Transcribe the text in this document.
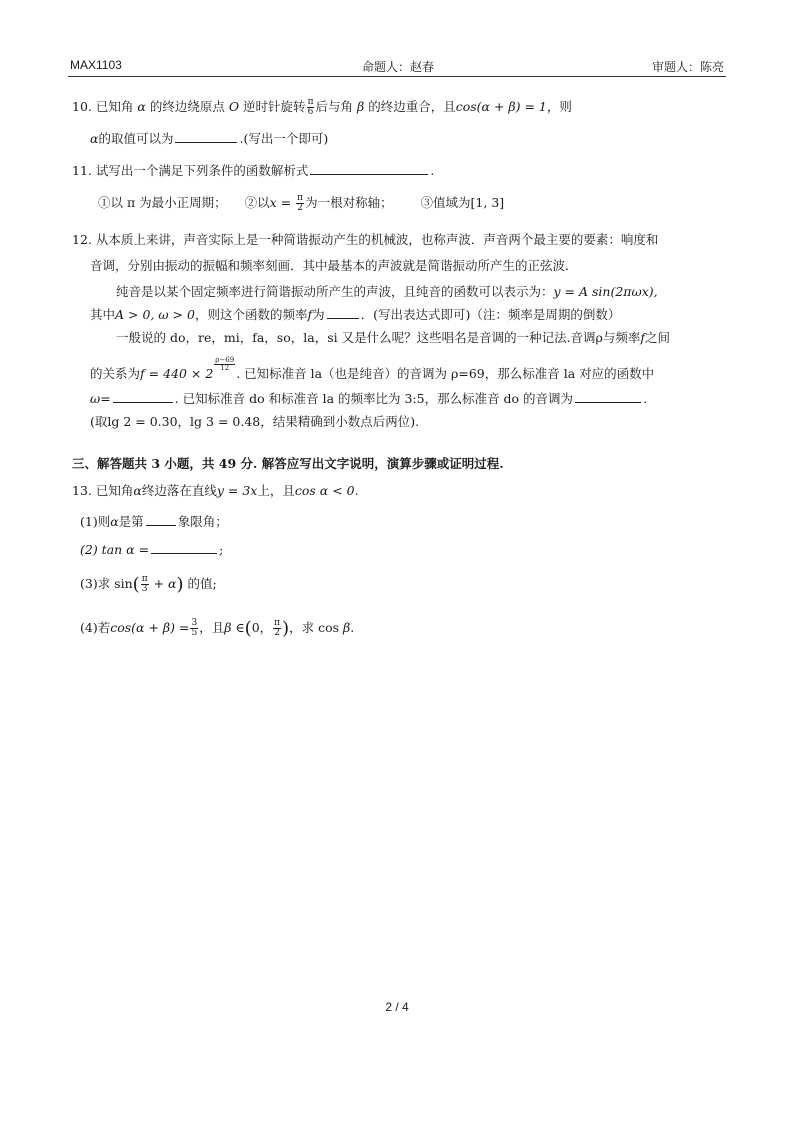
MAX1103	命题人：赵春	审题人：陈亮
10. 已知角 α 的终边绕原点 O 逆时针旋转 $\frac{\pi}{6}$ 后与角 β 的终边重合，且cos(α + β) = 1，则
α的取值可以为	.(写出一个即可)
11. 试写出一个满足下列条件的函数解析式	.
①以 π 为最小正周期； ②以$x = \frac{\pi}{2}$ 为一根对称轴； ③值域为[1, 3]
12. 从本质上来讲，声音实际上是一种简谐振动产生的机械波，也称声波．声音两个最主要的要素：响度和
音调，分别由振动的振幅和频率刻画．其中最基本的声波就是简谐振动所产生的正弦波．
纯音是以某个固定频率进行简谐振动所产生的声波，且纯音的函数可以表示为：y = A sin(2πωx),
其中A > 0, ω > 0，则这个函数的频率f为	．(写出表达式即可)（注：频率是周期的倒数）
一般说的 do，re，mi，fa，so，la，si 又是什么呢？这些唱名是音调的一种记法.音调ρ与频率f之间
的关系为f = 440 × 2
$\frac{\rho-69}{12}$
. 已知标准音 la（也是纯音）的音调为 ρ=69，那么标准音 la 对应的函数中
ω=	. 已知标准音 do 和标准音 la 的频率比为 3:5，那么标准音 do 的音调为	.
(取lg 2 = 0.30，lg 3 = 0.48，结果精确到小数点后两位).
三、解答题共 3 小题，共 49 分. 解答应写出文字说明，演算步骤或证明过程.
13. 已知角α终边落在直线y = 3x上，且cos α < 0.
(1)则α是第	象限角；
(2) tan α =	;
(3)求 $\sin( \frac{\pi}{3} + \alpha)$ 的值;
(4)若$\cos(\alpha + \beta) = \frac{3}{5}$ ，且β ∈(0， $\frac{\pi}{2}$ )，求 cos β.
2 / 4
